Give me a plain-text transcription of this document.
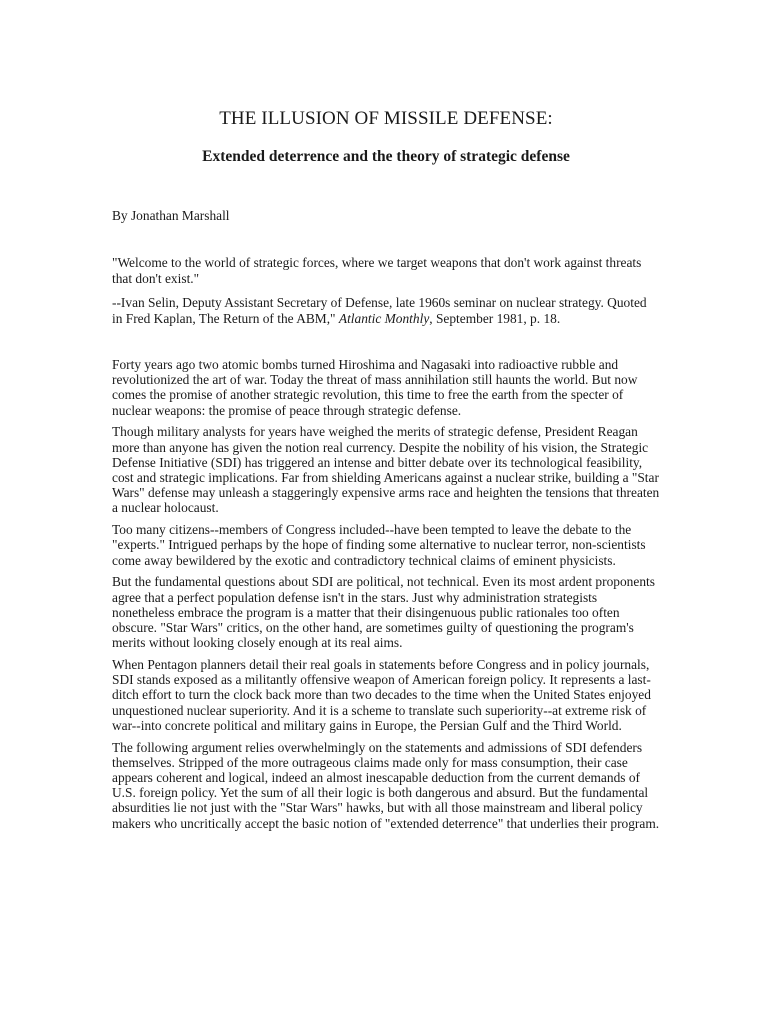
THE ILLUSION OF MISSILE DEFENSE:
Extended deterrence and the theory of strategic defense

By Jonathan Marshall

"Welcome to the world of strategic forces, where we target weapons that don't work against threats that don't exist."

--Ivan Selin, Deputy Assistant Secretary of Defense, late 1960s seminar on nuclear strategy. Quoted in Fred Kaplan, The Return of the ABM," Atlantic Monthly, September 1981, p. 18.

Forty years ago two atomic bombs turned Hiroshima and Nagasaki into radioactive rubble and revolutionized the art of war. Today the threat of mass annihilation still haunts the world. But now comes the promise of another strategic revolution, this time to free the earth from the specter of nuclear weapons: the promise of peace through strategic defense.

Though military analysts for years have weighed the merits of strategic defense, President Reagan more than anyone has given the notion real currency. Despite the nobility of his vision, the Strategic Defense Initiative (SDI) has triggered an intense and bitter debate over its technological feasibility, cost and strategic implications. Far from shielding Americans against a nuclear strike, building a "Star Wars" defense may unleash a staggeringly expensive arms race and heighten the tensions that threaten a nuclear holocaust.

Too many citizens--members of Congress included--have been tempted to leave the debate to the "experts." Intrigued perhaps by the hope of finding some alternative to nuclear terror, non-scientists come away bewildered by the exotic and contradictory technical claims of eminent physicists.

But the fundamental questions about SDI are political, not technical. Even its most ardent proponents agree that a perfect population defense isn't in the stars. Just why administration strategists nonetheless embrace the program is a matter that their disingenuous public rationales too often obscure. "Star Wars" critics, on the other hand, are sometimes guilty of questioning the program's merits without looking closely enough at its real aims.

When Pentagon planners detail their real goals in statements before Congress and in policy journals, SDI stands exposed as a militantly offensive weapon of American foreign policy. It represents a last-ditch effort to turn the clock back more than two decades to the time when the United States enjoyed unquestioned nuclear superiority. And it is a scheme to translate such superiority--at extreme risk of war--into concrete political and military gains in Europe, the Persian Gulf and the Third World.

The following argument relies overwhelmingly on the statements and admissions of SDI defenders themselves. Stripped of the more outrageous claims made only for mass consumption, their case appears coherent and logical, indeed an almost inescapable deduction from the current demands of U.S. foreign policy. Yet the sum of all their logic is both dangerous and absurd. But the fundamental absurdities lie not just with the "Star Wars" hawks, but with all those mainstream and liberal policy makers who uncritically accept the basic notion of "extended deterrence" that underlies their program.
